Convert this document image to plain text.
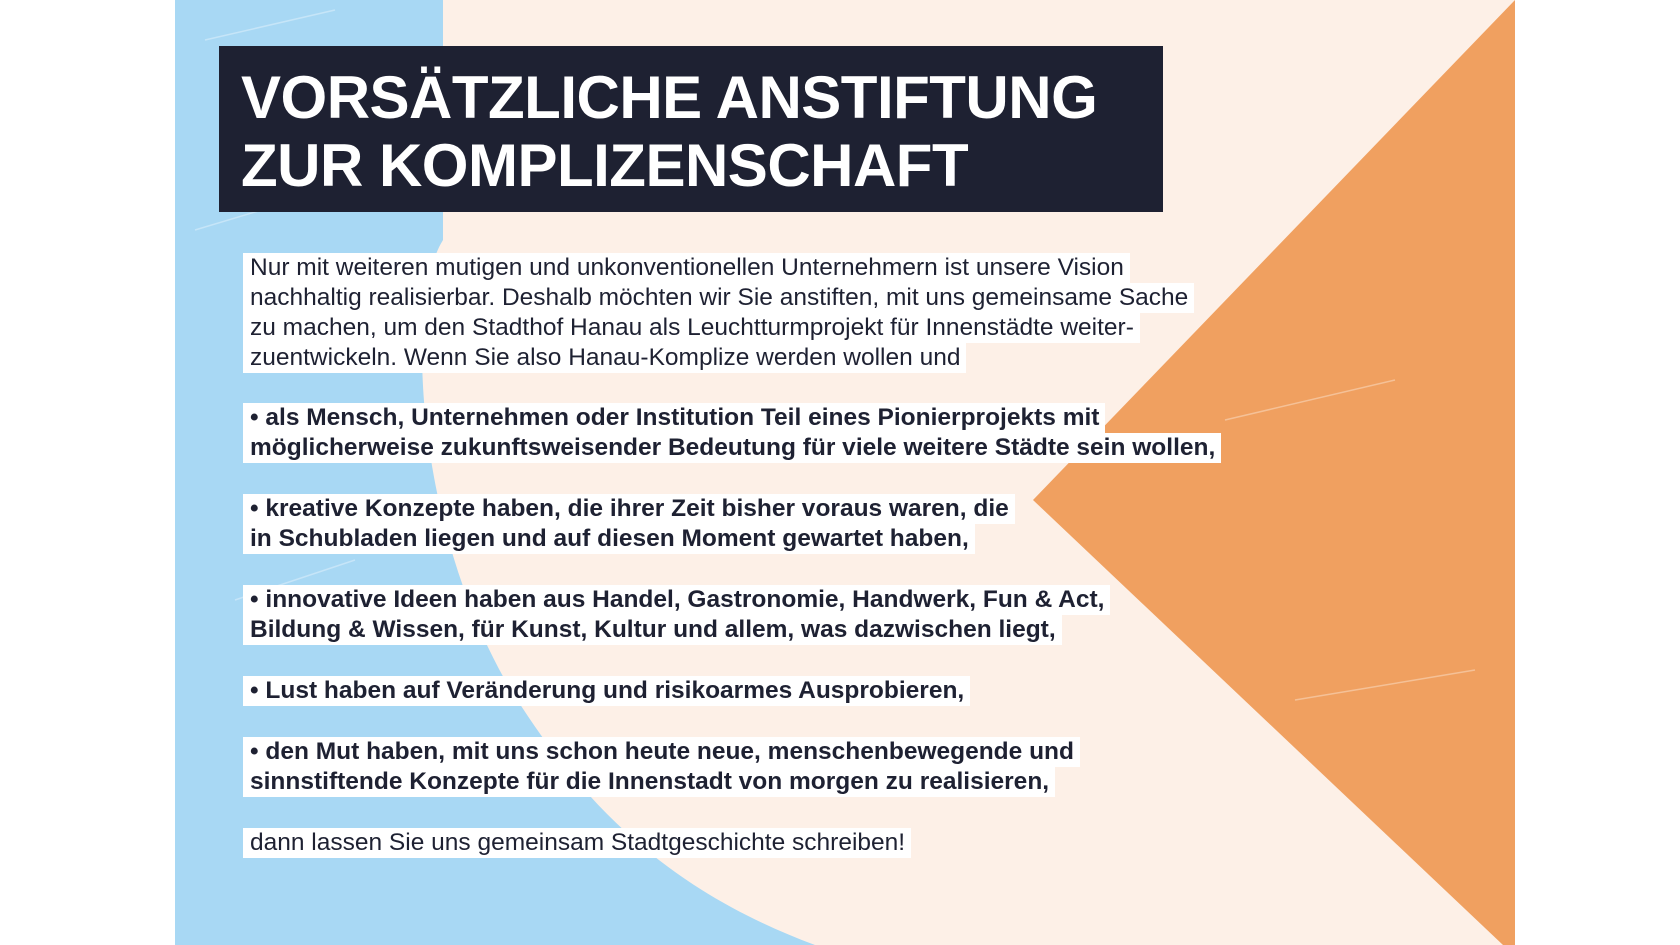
VORSÄTZLICHE ANSTIFTUNG
ZUR KOMPLIZENSCHAFT
Nur mit weiteren mutigen und unkonventionellen Unternehmern ist unsere Vision
nachhaltig realisierbar. Deshalb möchten wir Sie anstiften, mit uns gemeinsame Sache
zu machen, um den Stadthof Hanau als Leuchtturmprojekt für Innenstädte weiter-
zuentwickeln. Wenn Sie also Hanau-Komplize werden wollen und
• als Mensch, Unternehmen oder Institution Teil eines Pionierprojekts mit
möglicherweise zukunftsweisender Bedeutung für viele weitere Städte sein wollen,
• kreative Konzepte haben, die ihrer Zeit bisher voraus waren, die
in Schubladen liegen und auf diesen Moment gewartet haben,
• innovative Ideen haben aus Handel, Gastronomie, Handwerk, Fun & Act,
Bildung & Wissen, für Kunst, Kultur und allem, was dazwischen liegt,
• Lust haben auf Veränderung und risikoarmes Ausprobieren,
• den Mut haben, mit uns schon heute neue, menschenbewegende und
sinnstiftende Konzepte für die Innenstadt von morgen zu realisieren,
dann lassen Sie uns gemeinsam Stadtgeschichte schreiben!
